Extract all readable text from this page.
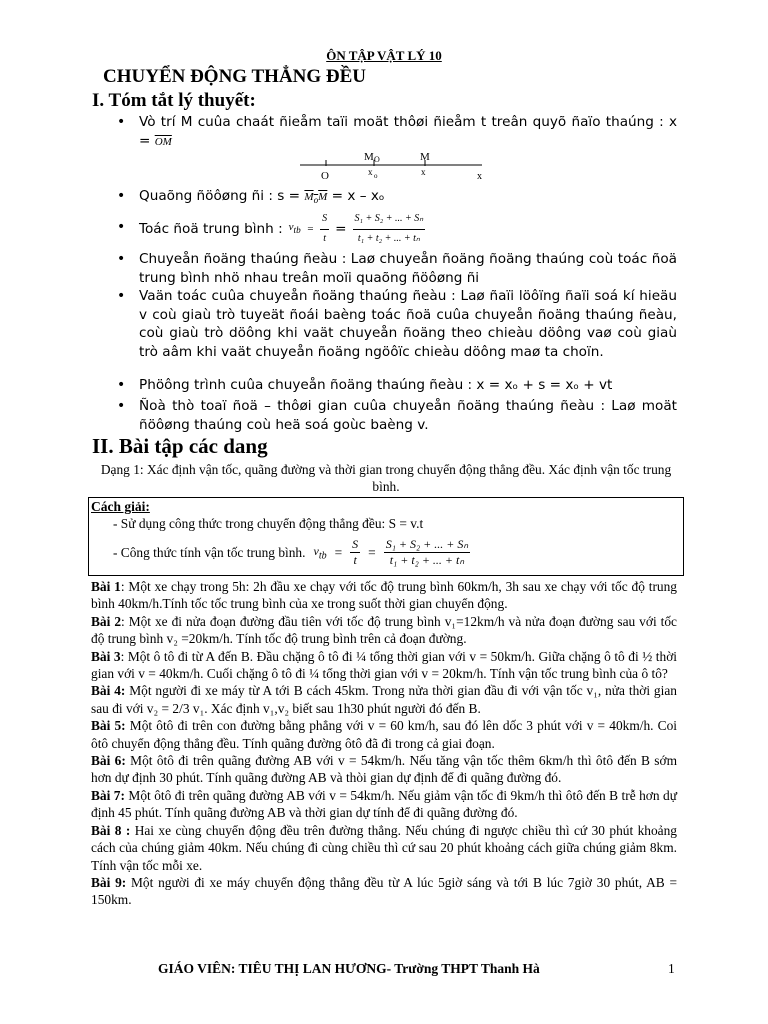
ÔN TẬP VẬT LÝ 10
CHUYỂN ĐỘNG THẲNG ĐỀU
I. Tóm tắt lý thuyết:
• Vò trí M cuûa chaát ñieåm taïi moät thôøi ñieåm t treân quyõ ñaïo thaúng : $x = \overline{OM}$
M O	M
O	x o	x	x
• Quaõng ñöôøng ñi : $s = M_oM = x - x_o$
• Toác ñoä trung bình : $v_{tb} = \frac{S}{t} = \frac{\text{S₁ + S₂ + ... + Sₙ}}{\text{t₁ + t₂ + ... + tₙ}}$
• Chuyeån ñoäng thaúng ñeàu : Laø chuyeån ñoäng ñoäng thaúng coù toác ñoä trung bình nhö nhau treân moïi quaõng ñöôøng ñi
• Vaän toác cuûa chuyeån ñoäng thaúng ñeàu : Laø ñaïi löôïng ñaïi soá kí hieäu v coù giaù trò tuyeät ñoái baèng toác ñoä cuûa chuyeån ñoäng thaúng ñeàu, coù giaù trò döông khi vaät chuyeån ñoäng theo chieàu döông vaø coù giaù trò aâm khi vaät chuyeån ñoäng ngöôïc chieàu döông maø ta choïn.
• Phöông trình cuûa chuyeån ñoäng thaúng ñeàu : x = xₒ + s = xₒ + vt
• Ñoà thò toaï ñoä – thôøi gian cuûa chuyeån ñoäng thaúng ñeàu : Laø moät ñöôøng thaúng coù heä soá goùc baèng v.
II. Bài tập các dang
Dạng 1: Xác định vận tốc, quãng đường và thời gian trong chuyển động thẳng đều. Xác định vận tốc trung bình.
Cách giải:
- Sử dụng công thức trong chuyển động thẳng đều: S = v.t
- Công thức tính vận tốc trung bình. $v_{tb} = \frac{S}{t} = \frac{\text{S₁ + S₂ + ... + Sₙ}}{\text{t₁ + t₂ + ... + tₙ}}$

Bài 1: Một xe chạy trong 5h: 2h đầu xe chạy với tốc độ trung bình 60km/h, 3h sau xe chạy với tốc độ trung bình 40km/h.Tính tốc tốc trung bình của xe trong suốt thời gian chuyển động.

Bài 2: Một xe đi nửa đoạn đường đầu tiên với tốc độ trung bình v₁=12km/h và nửa đoạn đường sau với tốc độ trung bình v₂ =20km/h. Tính tốc độ trung bình trên cả đoạn đường.

Bài 3: Một ô tô đi từ A đến B. Đầu chặng ô tô đi ¼ tổng thời gian với v = 50km/h. Giữa chặng ô tô đi ½ thời gian với v = 40km/h. Cuối chặng ô tô đi ¼ tổng thời gian với v = 20km/h. Tính vận tốc trung bình của ô tô?

Bài 4: Một người đi xe máy từ A tới B cách 45km. Trong nửa thời gian đầu đi với vận tốc v₁, nửa thời gian sau đi với v₂ = 2/3 v₁. Xác định v₁,v₂ biết sau 1h30 phút người đó đến B.

Bài 5: Một ôtô đi trên con đường bằng phẳng với v = 60 km/h, sau đó lên dốc 3 phút với v = 40km/h. Coi ôtô chuyển động thẳng đều. Tính quãng đường ôtô đã đi trong cả giai đoạn.

Bài 6: Một ôtô đi trên quãng đường AB với v = 54km/h. Nếu tăng vận tốc thêm 6km/h thì ôtô đến B sớm hơn dự định 30 phút. Tính quãng đường AB và thòi gian dự định để đi quãng đường đó.

Bài 7: Một ôtô đi trên quãng đường AB với v = 54km/h. Nếu giảm vận tốc đi 9km/h thì ôtô đến B trễ hơn dự định 45 phút. Tính quãng đường AB và thời gian dự tính để đi quãng đường đó.

Bài 8 : Hai xe cùng chuyển động đều trên đường thẳng. Nếu chúng đi ngược chiều thì cứ 30 phút khoảng cách của chúng giảm 40km. Nếu chúng đi cùng chiều thì cứ sau 20 phút khoảng cách giữa chúng giảm 8km. Tính vận tốc mỗi xe.

Bài 9: Một người đi xe máy chuyển động thẳng đều từ A lúc 5giờ sáng và tới B lúc 7giờ 30 phút, AB = 150km.

GIÁO VIÊN: TIÊU THỊ LAN HƯƠNG- Trường THPT Thanh Hà	1
